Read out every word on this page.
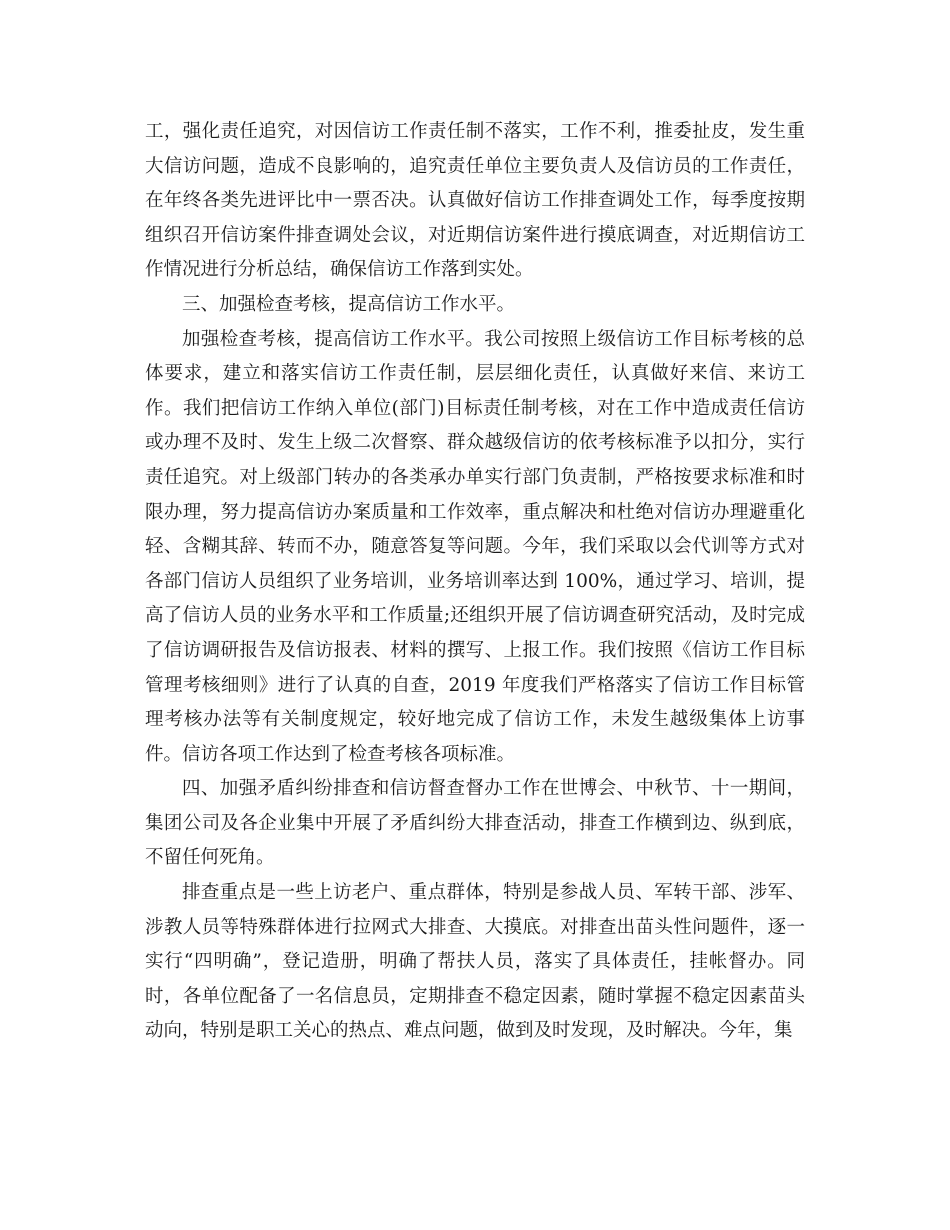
工，强化责任追究，对因信访工作责任制不落实，工作不利，推委扯皮，发生重大信访问题，造成不良影响的，追究责任单位主要负责人及信访员的工作责任，在年终各类先进评比中一票否决。认真做好信访工作排查调处工作，每季度按期组织召开信访案件排查调处会议，对近期信访案件进行摸底调查，对近期信访工作情况进行分析总结，确保信访工作落到实处。

三、加强检查考核，提高信访工作水平。

加强检查考核，提高信访工作水平。我公司按照上级信访工作目标考核的总体要求，建立和落实信访工作责任制，层层细化责任，认真做好来信、来访工作。我们把信访工作纳入单位(部门)目标责任制考核，对在工作中造成责任信访或办理不及时、发生上级二次督察、群众越级信访的依考核标准予以扣分，实行责任追究。对上级部门转办的各类承办单实行部门负责制，严格按要求标准和时限办理，努力提高信访办案质量和工作效率，重点解决和杜绝对信访办理避重化轻、含糊其辞、转而不办，随意答复等问题。今年，我们采取以会代训等方式对各部门信访人员组织了业务培训，业务培训率达到 100%，通过学习、培训，提高了信访人员的业务水平和工作质量;还组织开展了信访调查研究活动，及时完成了信访调研报告及信访报表、材料的撰写、上报工作。我们按照《信访工作目标管理考核细则》进行了认真的自查，2019 年度我们严格落实了信访工作目标管理考核办法等有关制度规定，较好地完成了信访工作，未发生越级集体上访事件。信访各项工作达到了检查考核各项标准。

四、加强矛盾纠纷排查和信访督查督办工作在世博会、中秋节、十一期间，集团公司及各企业集中开展了矛盾纠纷大排查活动，排查工作横到边、纵到底，不留任何死角。

排查重点是一些上访老户、重点群体，特别是参战人员、军转干部、涉军、涉教人员等特殊群体进行拉网式大排查、大摸底。对排查出苗头性问题件，逐一实行“四明确”，登记造册，明确了帮扶人员，落实了具体责任，挂帐督办。同时，各单位配备了一名信息员，定期排查不稳定因素，随时掌握不稳定因素苗头动向，特别是职工关心的热点、难点问题，做到及时发现，及时解决。今年，集
